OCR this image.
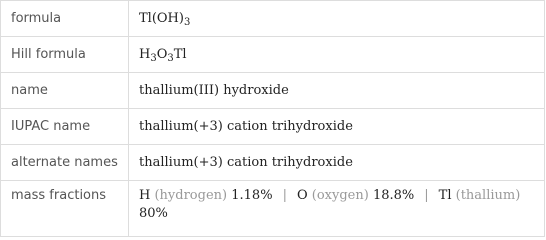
formula	$Tl(OH)_3$
Hill formula	$H_3O_3Tl$
name	thallium(III) hydroxide
IUPAC name	thallium(+3) cation trihydroxide
alternate names	thallium(+3) cation trihydroxide
mass fractions	H (hydrogen) 1.18% | O (oxygen) 18.8% | Tl (thallium)
80%
